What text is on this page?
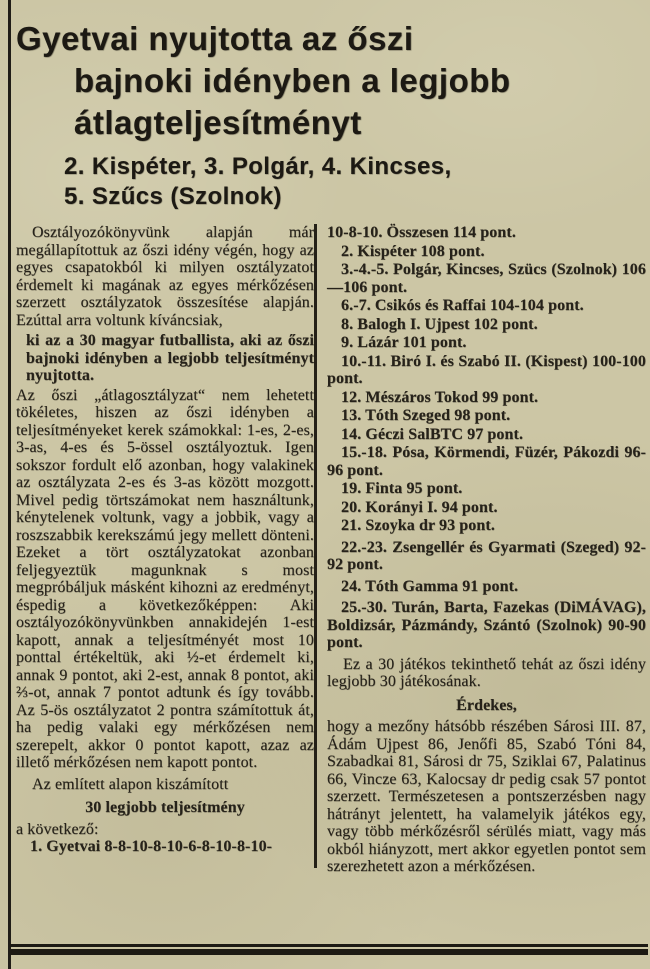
Gyetvai nyujtotta az őszi
bajnoki idényben a legjobb
átlagteljesítményt
2. Kispéter, 3. Polgár, 4. Kincses,
5. Szűcs (Szolnok)

Osztályozókönyvünk alapján már megállapítottuk az őszi idény végén, hogy az egyes csapatokból ki milyen osztályzatot érdemelt ki magának az egyes mérkőzésen szerzett osztályzatok összesítése alapján. Ezúttal arra voltunk kíváncsiak,

ki az a 30 magyar futballista, aki az őszi bajnoki idényben a legjobb teljesítményt nyujtotta.

Az őszi „átlagosztályzat“ nem lehetett tökéletes, hiszen az őszi idényben a teljesítményeket kerek számokkal: 1-es, 2-es, 3-as, 4-es és 5-össel osztályoztuk. Igen sokszor fordult elő azonban, hogy valakinek az osztályzata 2-es és 3-as között mozgott. Mivel pedig törtszámokat nem használtunk, kénytelenek voltunk, vagy a jobbik, vagy a roszszabbik kerekszámú jegy mellett dönteni. Ezeket a tört osztályzatokat azonban feljegyeztük magunknak s most megpróbáljuk másként kihozni az eredményt, éspedig a következőképpen: Aki osztályozókönyvünkben annakidején 1-est kapott, annak a teljesítményét most 10 ponttal értékeltük, aki ½-et érdemelt ki, annak 9 pontot, aki 2-est, annak 8 pontot, aki ⅔-ot, annak 7 pontot adtunk és így tovább. Az 5-ös osztályzatot 2 pontra számítottuk át, ha pedig valaki egy mérkőzésen nem szerepelt, akkor 0 pontot kapott, azaz az illető mérkőzésen nem kapott pontot.

Az említett alapon kiszámított

30 legjobb teljesítmény

a következő:

1. Gyetvai 8-8-10-8-10-6-8-10-8-10-

10-8-10. Összesen 114 pont.

2. Kispéter 108 pont.

3.-4.-5. Polgár, Kincses, Szücs (Szolnok) 106—106 pont.

6.-7. Csikós és Raffai 104-104 pont.

8. Balogh I. Ujpest 102 pont.

9. Lázár 101 pont.

10.-11. Biró I. és Szabó II. (Kispest) 100-100 pont.

12. Mészáros Tokod 99 pont.

13. Tóth Szeged 98 pont.

14. Géczi SalBTC 97 pont.

15.-18. Pósa, Körmendi, Füzér, Pákozdi 96-96 pont.

19. Finta 95 pont.

20. Korányi I. 94 pont.

21. Szoyka dr 93 pont.

22.-23. Zsengellér és Gyarmati (Szeged) 92-92 pont.

24. Tóth Gamma 91 pont.

25.-30. Turán, Barta, Fazekas (DiMÁVAG), Boldizsár, Pázmándy, Szántó (Szolnok) 90-90 pont.

Ez a 30 játékos tekinthető tehát az őszi idény legjobb 30 játékosának.

Érdekes,

hogy a mezőny hátsóbb részében Sárosi III. 87, Ádám Ujpest 86, Jenőfi 85, Szabó Tóni 84, Szabadkai 81, Sárosi dr 75, Sziklai 67, Palatinus 66, Vincze 63, Kalocsay dr pedig csak 57 pontot szerzett. Természetesen a pontszerzésben nagy hátrányt jelentett, ha valamelyik játékos egy, vagy több mérkőzésről sérülés miatt, vagy más okból hiányzott, mert akkor egyetlen pontot sem szerezhetett azon a mérkőzésen.
